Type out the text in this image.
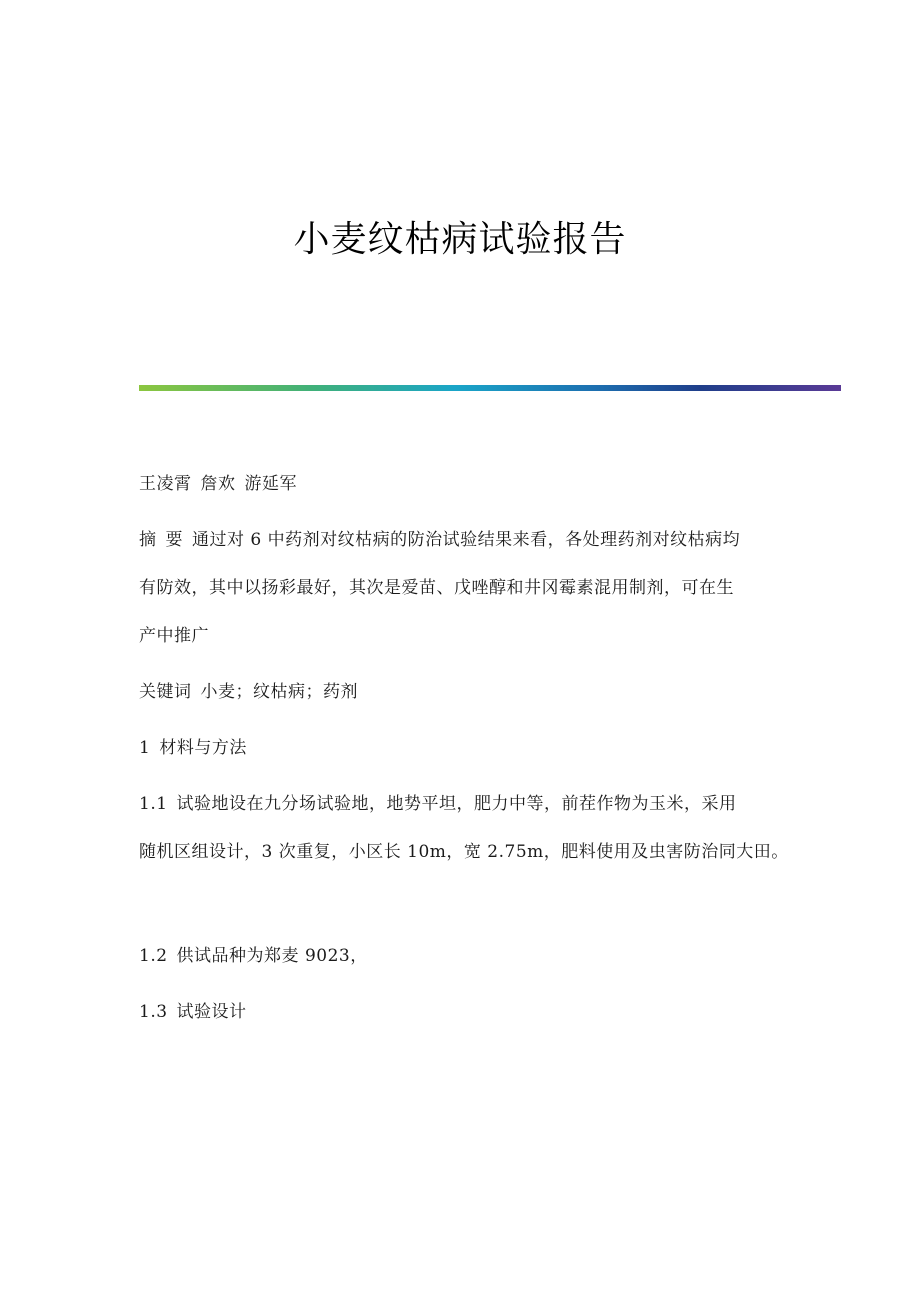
小麦纹枯病试验报告
王凌霄 詹欢 游延军
摘 要 通过对 6 中药剂对纹枯病的防治试验结果来看，各处理药剂对纹枯病均
有防效，其中以扬彩最好，其次是爱苗、戊唑醇和井冈霉素混用制剂，可在生
产中推广
关键词 小麦；纹枯病；药剂
1 材料与方法
1.1 试验地设在九分场试验地，地势平坦，肥力中等，前茬作物为玉米，采用
随机区组设计，3 次重复，小区长 10m，宽 2.75m，肥料使用及虫害防治同大田。
1.2 供试品种为郑麦 9023，
1.3 试验设计
